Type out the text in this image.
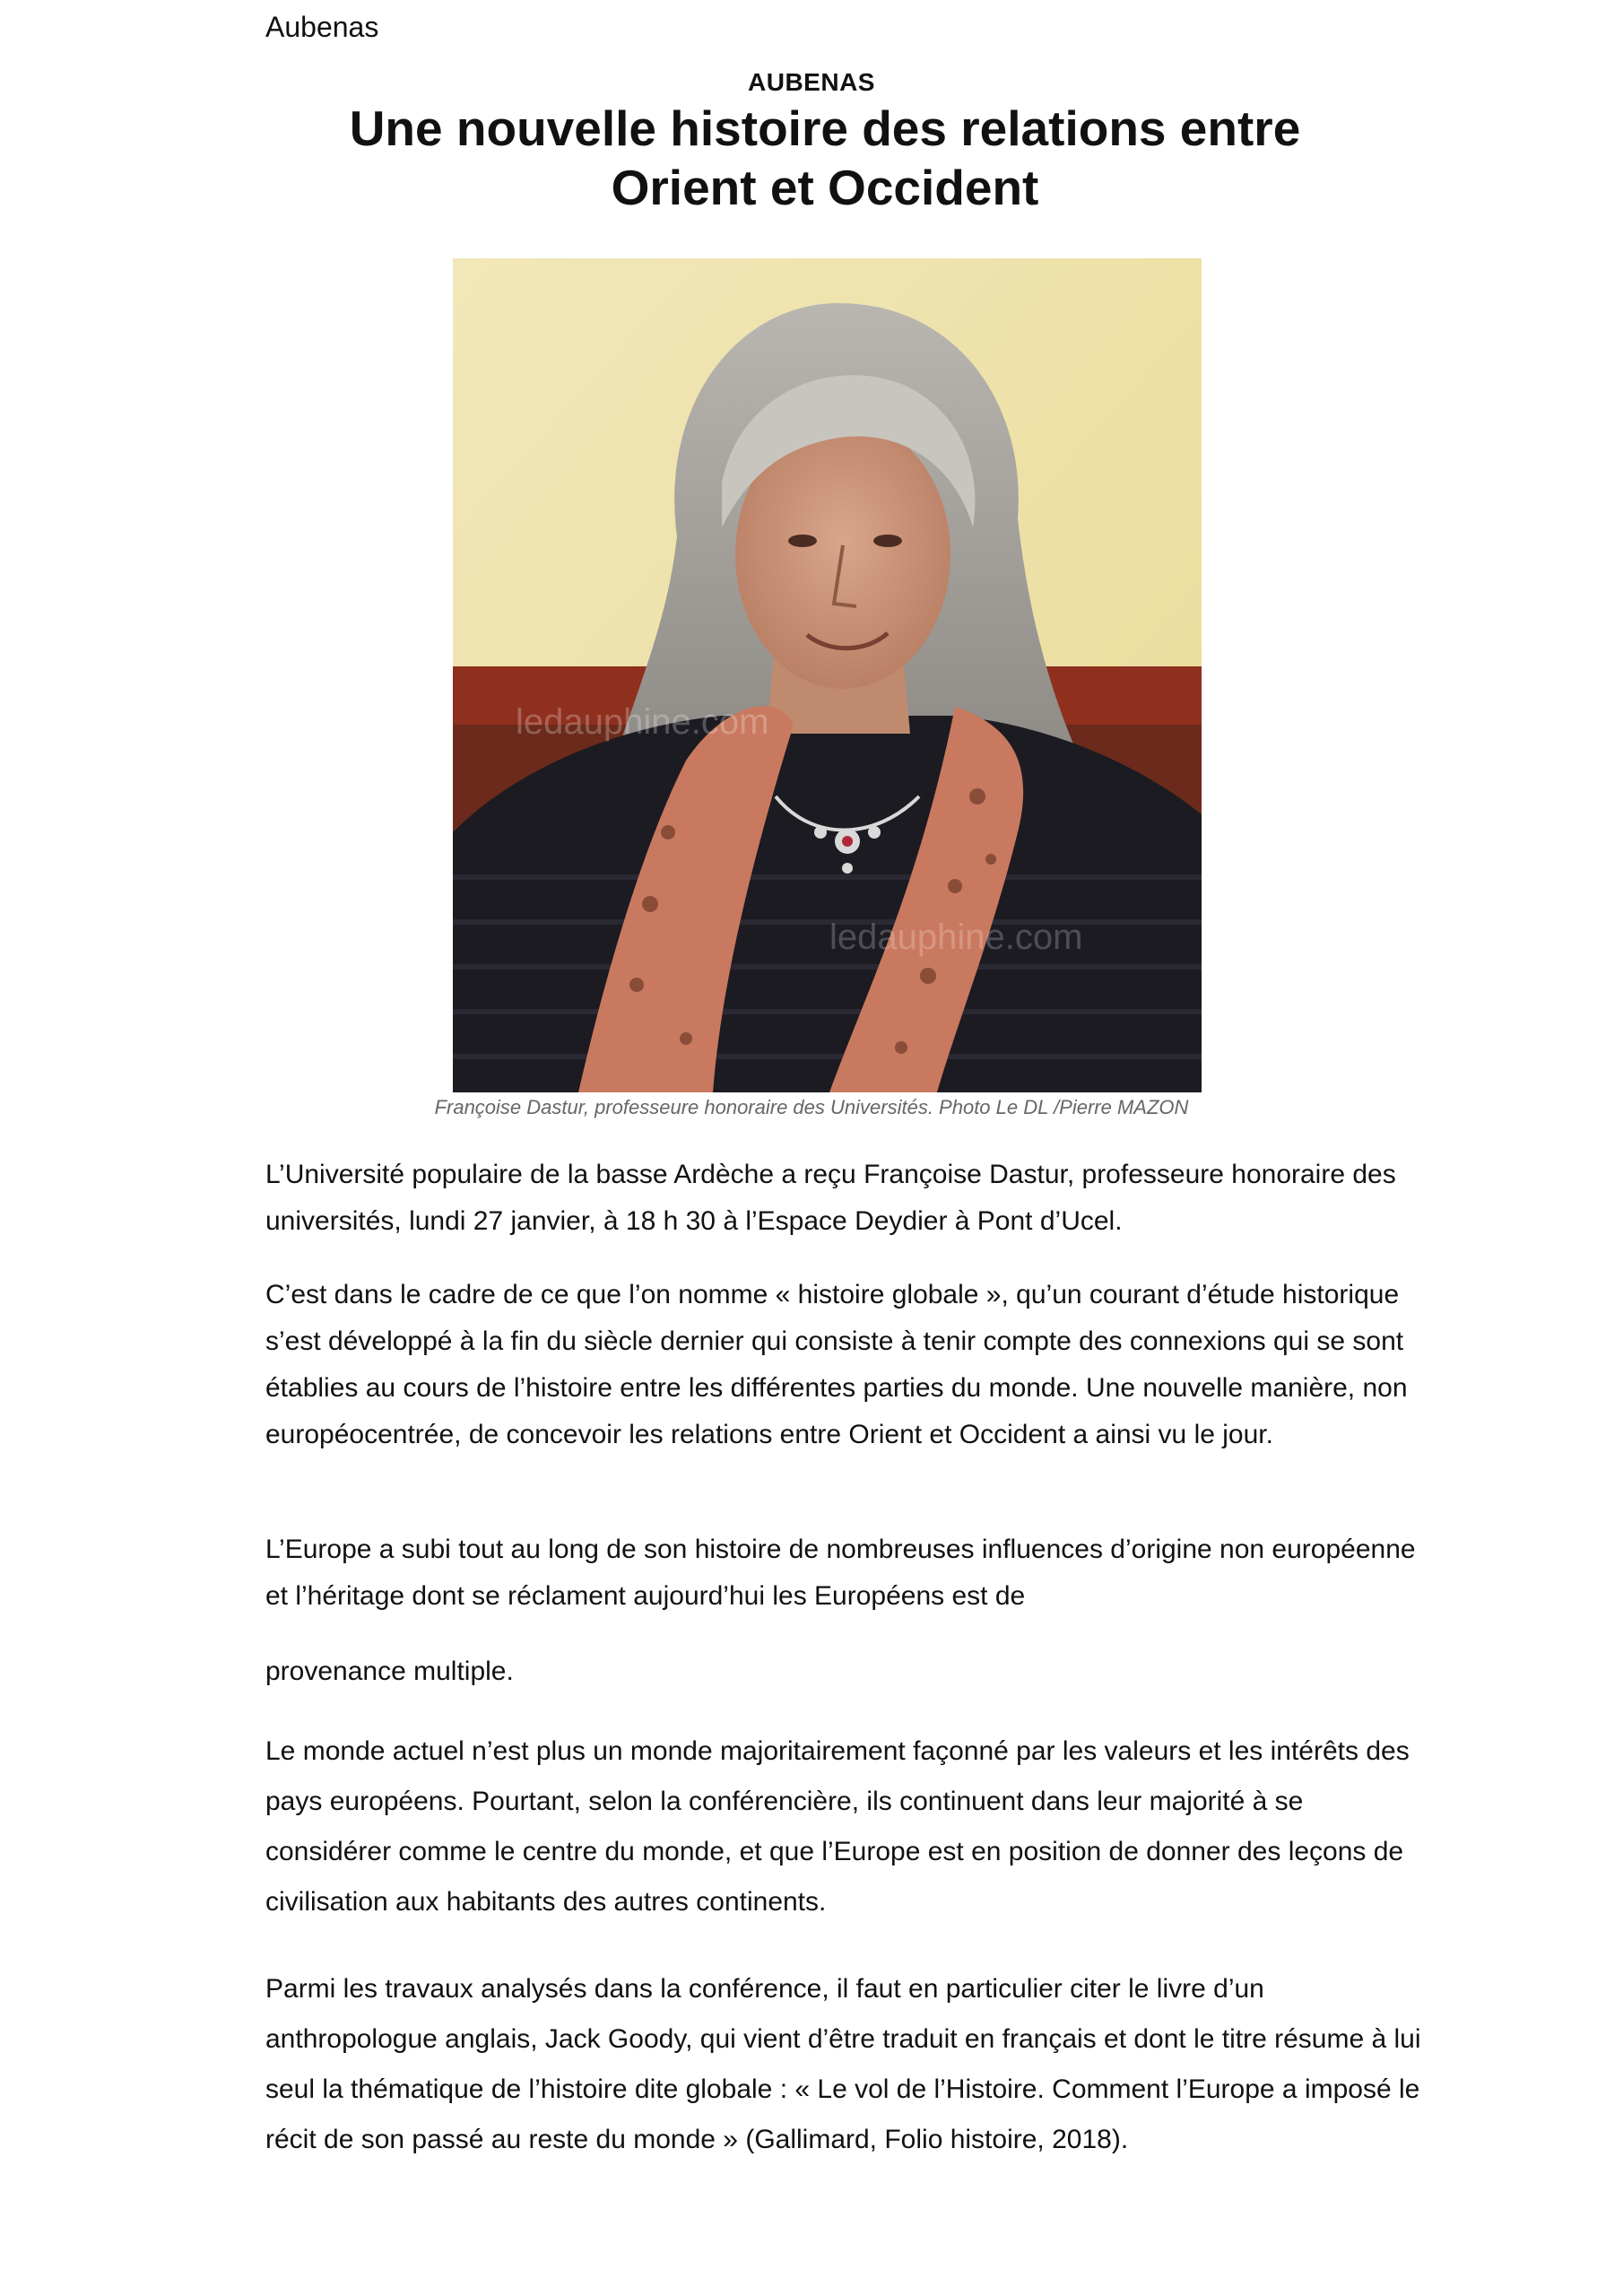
Aubenas
AUBENAS
Une nouvelle histoire des relations entre
Orient et Occident
ledauphine.com
ledauphine.com
Françoise Dastur, professeure honoraire des Universités. Photo Le DL /Pierre MAZON

L’Université populaire de la basse Ardèche a reçu Françoise Dastur, professeure honoraire des universités, lundi 27 janvier, à 18 h 30 à l’Espace Deydier à Pont d’Ucel.

C’est dans le cadre de ce que l’on nomme « histoire globale », qu’un courant d’étude historique s’est développé à la fin du siècle dernier qui consiste à tenir compte des connexions qui se sont établies au cours de l’histoire entre les différentes parties du monde. Une nouvelle manière, non européocentrée, de concevoir les relations entre Orient et Occident a ainsi vu le jour.

L’Europe a subi tout au long de son histoire de nombreuses influences d’origine non européenne et l’héritage dont se réclament aujourd’hui les Européens est de

provenance multiple.

Le monde actuel n’est plus un monde majoritairement façonné par les valeurs et les intérêts des pays européens. Pourtant, selon la conférencière, ils continuent dans leur majorité à se considérer comme le centre du monde, et que l’Europe est en position de donner des leçons de civilisation aux habitants des autres continents.

Parmi les travaux analysés dans la conférence, il faut en particulier citer le livre d’un anthropologue anglais, Jack Goody, qui vient d’être traduit en français et dont le titre résume à lui seul la thématique de l’histoire dite globale : « Le vol de l’Histoire. Comment l’Europe a imposé le récit de son passé au reste du monde » (Gallimard, Folio histoire, 2018).
